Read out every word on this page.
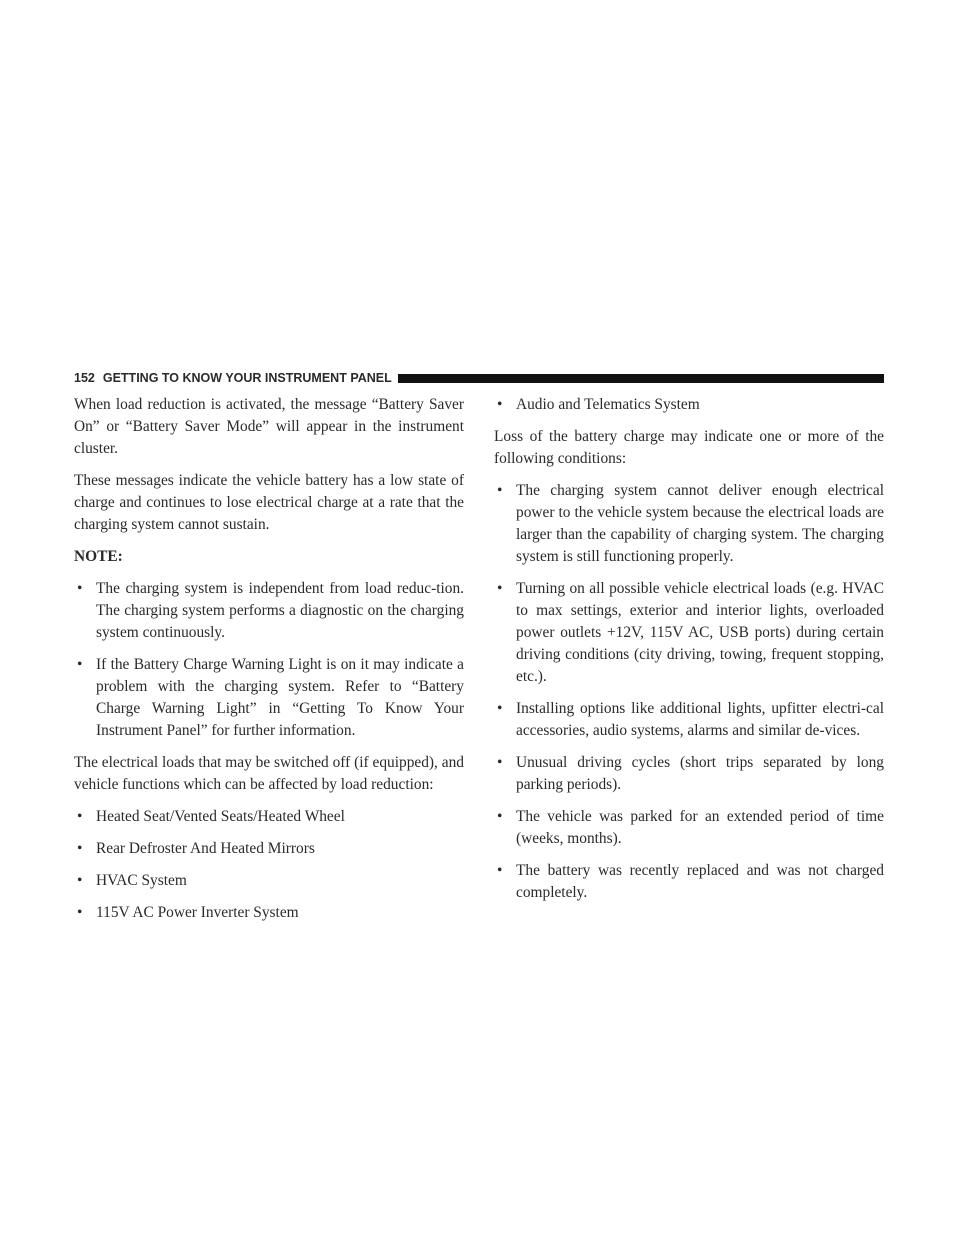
152 GETTING TO KNOW YOUR INSTRUMENT PANEL

When load reduction is activated, the message “Battery Saver On” or “Battery Saver Mode” will appear in the instrument cluster.

These messages indicate the vehicle battery has a low state of charge and continues to lose electrical charge at a rate that the charging system cannot sustain.

NOTE:
• The charging system is independent from load reduc-tion. The charging system performs a diagnostic on the charging system continuously.
• If the Battery Charge Warning Light is on it may indicate a problem with the charging system. Refer to “Battery Charge Warning Light” in “Getting To Know Your Instrument Panel” for further information.

The electrical loads that may be switched off (if equipped), and vehicle functions which can be affected by load reduction:

• Heated Seat/Vented Seats/Heated Wheel
• Rear Defroster And Heated Mirrors
• HVAC System
• 115V AC Power Inverter System
• Audio and Telematics System

Loss of the battery charge may indicate one or more of the following conditions:

• The charging system cannot deliver enough electrical power to the vehicle system because the electrical loads are larger than the capability of charging system. The charging system is still functioning properly.
• Turning on all possible vehicle electrical loads (e.g. HVAC to max settings, exterior and interior lights, overloaded power outlets +12V, 115V AC, USB ports) during certain driving conditions (city driving, towing, frequent stopping, etc.).
• Installing options like additional lights, upfitter electri-cal accessories, audio systems, alarms and similar de-vices.
• Unusual driving cycles (short trips separated by long parking periods).
• The vehicle was parked for an extended period of time (weeks, months).
• The battery was recently replaced and was not charged completely.
